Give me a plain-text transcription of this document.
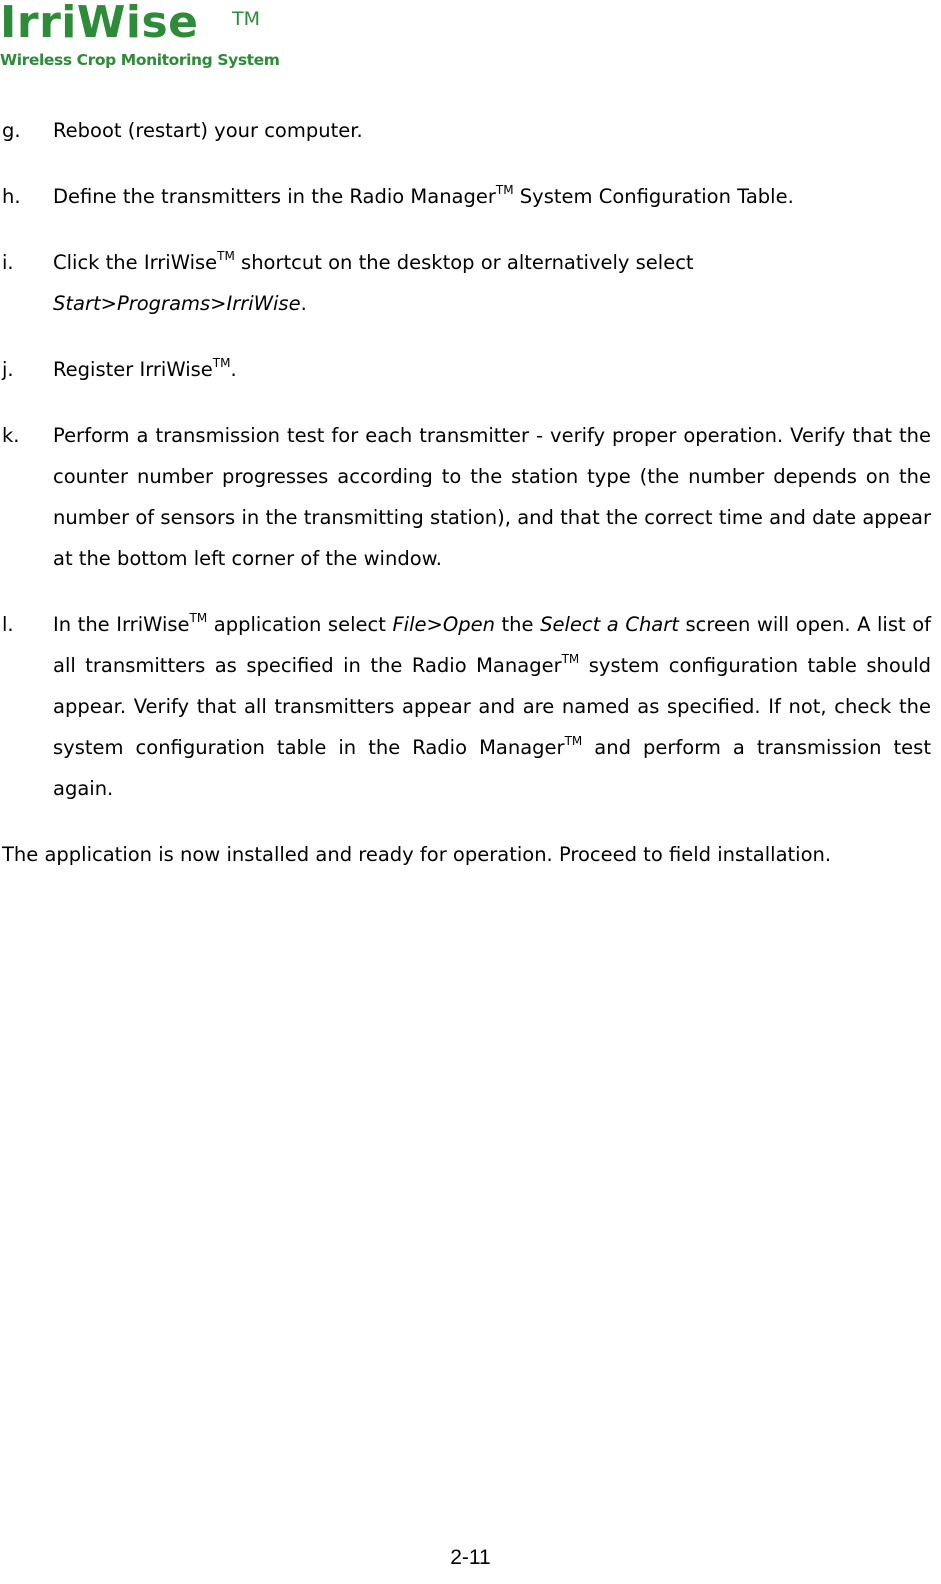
IrriWise TM
Wireless Crop Monitoring System
g. Reboot (restart) your computer.
h. Define the transmitters in the Radio Manager™ System Configuration Table.
i. Click the IrriWise™ shortcut on the desktop or alternatively select
Start>Programs>IrriWise.
j. Register IrriWise™.
k. Perform a transmission test for each transmitter - verify proper operation. Verify that the counter number progresses according to the station type (the number depends on the number of sensors in the transmitting station), and that the correct time and date appear at the bottom left corner of the window.
l. In the IrriWise™ application select File>Open the Select a Chart screen will open. A list of all transmitters as specified in the Radio Manager™ system configuration table should appear. Verify that all transmitters appear and are named as specified. If not, check the system configuration table in the Radio Manager™ and perform a transmission test again.
The application is now installed and ready for operation. Proceed to field installation.
2-11
